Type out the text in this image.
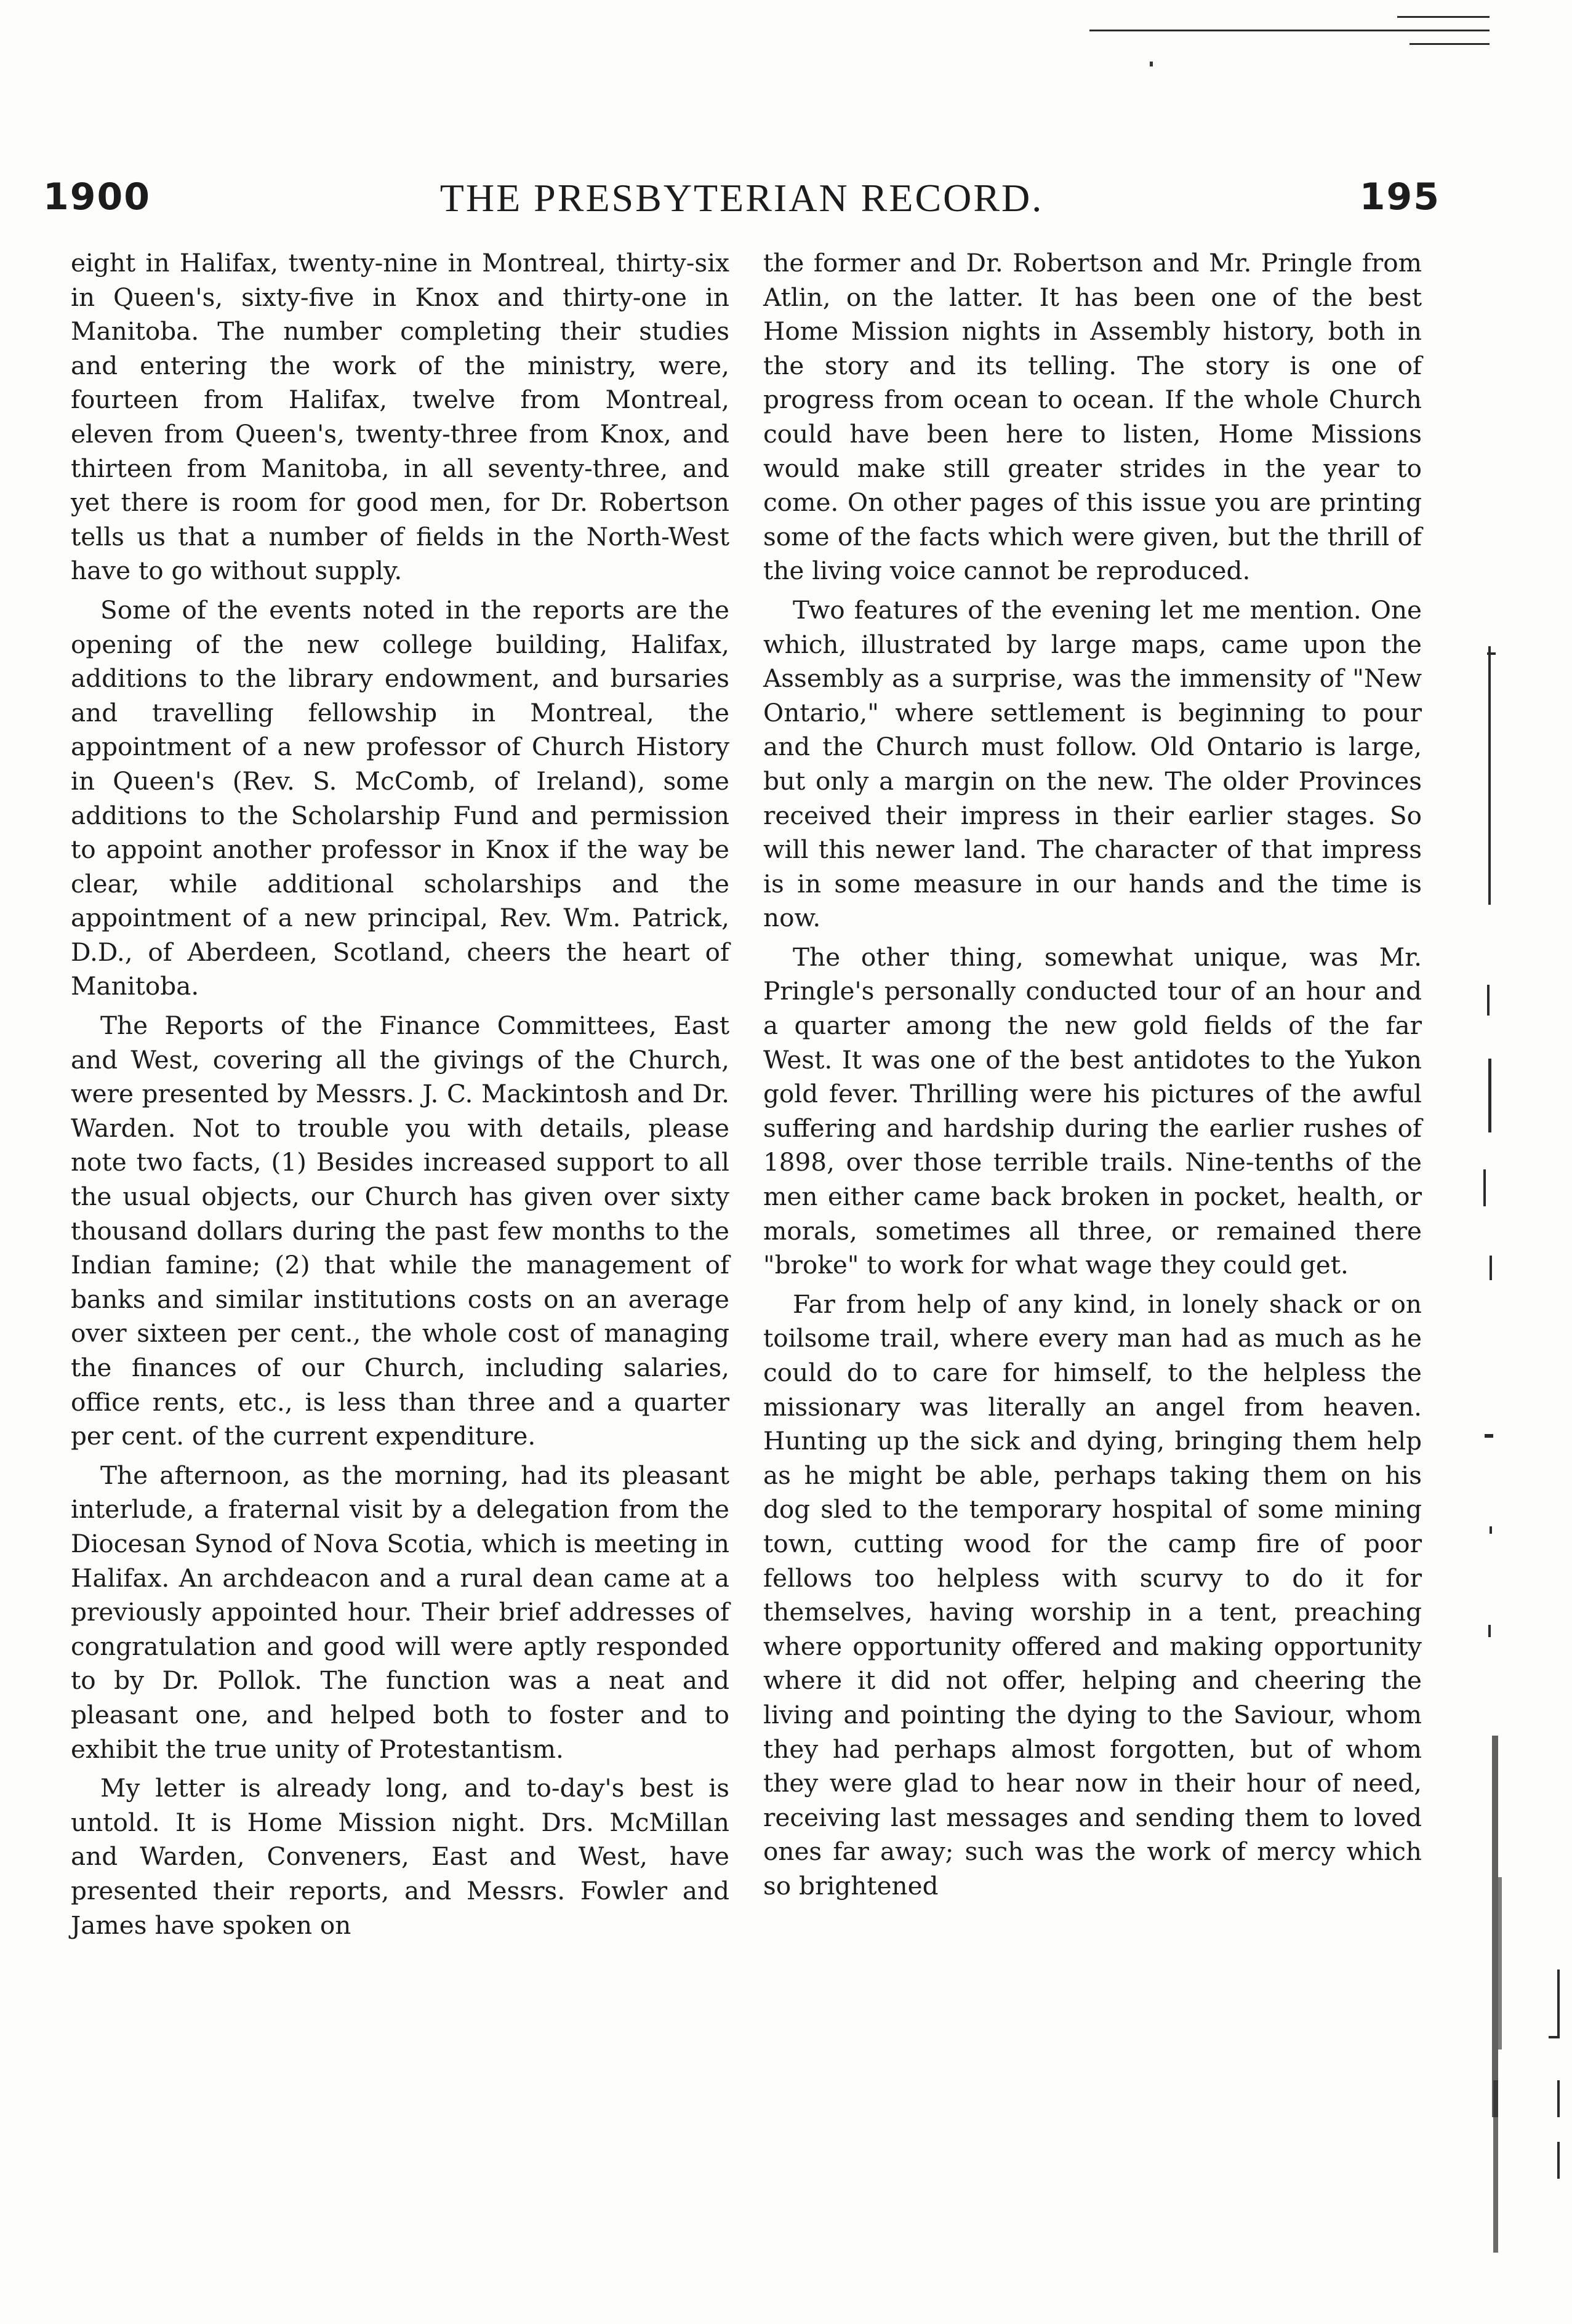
1900	THE PRESBYTERIAN RECORD.	195

eight in Halifax, twenty-nine in Montreal, thirty-six in Queen's, sixty-five in Knox and thirty-one in Manitoba. The number completing their studies and entering the work of the ministry, were, fourteen from Halifax, twelve from Montreal, eleven from Queen's, twenty-three from Knox, and thirteen from Manitoba, in all seventy-three, and yet there is room for good men, for Dr. Robertson tells us that a number of fields in the North-West have to go without supply.

Some of the events noted in the reports are the opening of the new college building, Halifax, additions to the library endowment, and bursaries and travelling fellowship in Montreal, the appointment of a new professor of Church History in Queen's (Rev. S. McComb, of Ireland), some additions to the Scholarship Fund and permission to appoint another professor in Knox if the way be clear, while additional scholarships and the appointment of a new principal, Rev. Wm. Patrick, D.D., of Aberdeen, Scotland, cheers the heart of Manitoba.

The Reports of the Finance Committees, East and West, covering all the givings of the Church, were presented by Messrs. J. C. Mackintosh and Dr. Warden. Not to trouble you with details, please note two facts, (1) Besides increased support to all the usual objects, our Church has given over sixty thousand dollars during the past few months to the Indian famine; (2) that while the management of banks and similar institutions costs on an average over sixteen per cent., the whole cost of managing the finances of our Church, including salaries, office rents, etc., is less than three and a quarter per cent. of the current expenditure.

The afternoon, as the morning, had its pleasant interlude, a fraternal visit by a delegation from the Diocesan Synod of Nova Scotia, which is meeting in Halifax. An archdeacon and a rural dean came at a previously appointed hour. Their brief addresses of congratulation and good will were aptly responded to by Dr. Pollok. The function was a neat and pleasant one, and helped both to foster and to exhibit the true unity of Protestantism.

My letter is already long, and to-day's best is untold. It is Home Mission night. Drs. McMillan and Warden, Conveners, East and West, have presented their reports, and Messrs. Fowler and James have spoken on

the former and Dr. Robertson and Mr. Pringle from Atlin, on the latter. It has been one of the best Home Mission nights in Assembly history, both in the story and its telling. The story is one of progress from ocean to ocean. If the whole Church could have been here to listen, Home Missions would make still greater strides in the year to come. On other pages of this issue you are printing some of the facts which were given, but the thrill of the living voice cannot be reproduced.

Two features of the evening let me mention. One which, illustrated by large maps, came upon the Assembly as a surprise, was the immensity of "New Ontario," where settlement is beginning to pour and the Church must follow. Old Ontario is large, but only a margin on the new. The older Provinces received their impress in their earlier stages. So will this newer land. The character of that impress is in some measure in our hands and the time is now.

The other thing, somewhat unique, was Mr. Pringle's personally conducted tour of an hour and a quarter among the new gold fields of the far West. It was one of the best antidotes to the Yukon gold fever. Thrilling were his pictures of the awful suffering and hardship during the earlier rushes of 1898, over those terrible trails. Nine-tenths of the men either came back broken in pocket, health, or morals, sometimes all three, or remained there "broke" to work for what wage they could get.

Far from help of any kind, in lonely shack or on toilsome trail, where every man had as much as he could do to care for himself, to the helpless the missionary was literally an angel from heaven. Hunting up the sick and dying, bringing them help as he might be able, perhaps taking them on his dog sled to the temporary hospital of some mining town, cutting wood for the camp fire of poor fellows too helpless with scurvy to do it for themselves, having worship in a tent, preaching where opportunity offered and making opportunity where it did not offer, helping and cheering the living and pointing the dying to the Saviour, whom they had perhaps almost forgotten, but of whom they were glad to hear now in their hour of need, receiving last messages and sending them to loved ones far away; such was the work of mercy which so brightened
